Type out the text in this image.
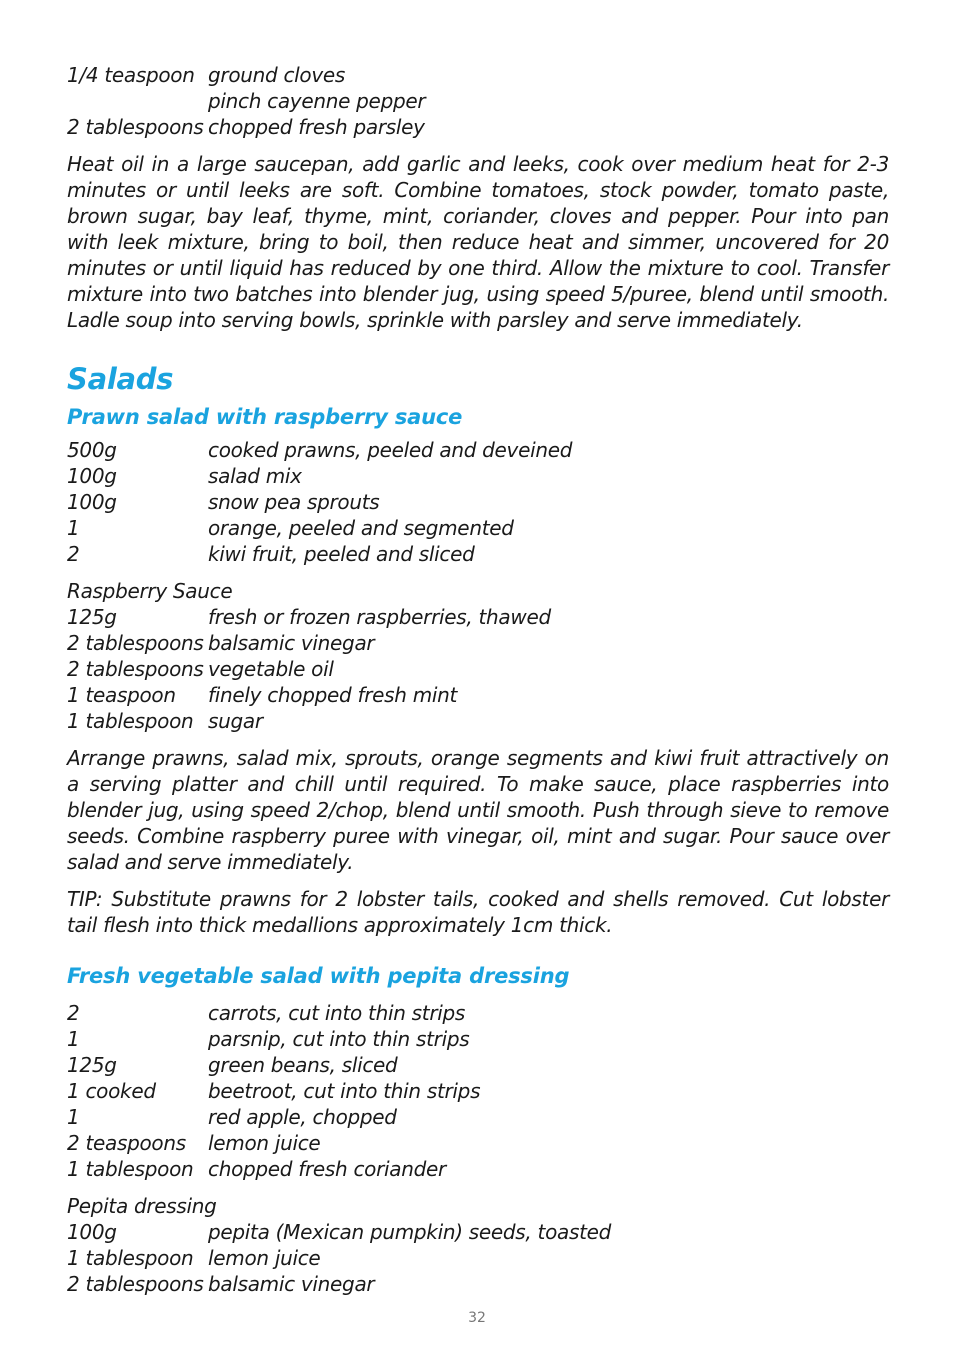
1/4 teaspoon ground cloves
pinch cayenne pepper
2 tablespoons chopped fresh parsley

Heat oil in a large saucepan, add garlic and leeks, cook over medium heat for 2-3 minutes or until leeks are soft. Combine tomatoes, stock powder, tomato paste, brown sugar, bay leaf, thyme, mint, coriander, cloves and pepper. Pour into pan with leek mixture, bring to boil, then reduce heat and simmer, uncovered for 20 minutes or until liquid has reduced by one third. Allow the mixture to cool. Transfer mixture into two batches into blender jug, using speed 5/puree, blend until smooth. Ladle soup into serving bowls, sprinkle with parsley and serve immediately.

Salads
Prawn salad with raspberry sauce
500g	cooked prawns, peeled and deveined
100g	salad mix
100g	snow pea sprouts
1	orange, peeled and segmented
2	kiwi fruit, peeled and sliced
Raspberry Sauce
125g	fresh or frozen raspberries, thawed
2 tablespoons balsamic vinegar
2 tablespoons vegetable oil
1 teaspoon	finely chopped fresh mint
1 tablespoon sugar

Arrange prawns, salad mix, sprouts, orange segments and kiwi fruit attractively on a serving platter and chill until required. To make sauce, place raspberries into blender jug, using speed 2/chop, blend until smooth. Push through sieve to remove seeds. Combine raspberry puree with vinegar, oil, mint and sugar. Pour sauce over salad and serve immediately.

TIP: Substitute prawns for 2 lobster tails, cooked and shells removed. Cut lobster tail flesh into thick medallions approximately 1cm thick.

Fresh vegetable salad with pepita dressing
2	carrots, cut into thin strips
1	parsnip, cut into thin strips
125g	green beans, sliced
1 cooked	beetroot, cut into thin strips
1	red apple, chopped
2 teaspoons	lemon juice
1 tablespoon chopped fresh coriander
Pepita dressing
100g	pepita (Mexican pumpkin) seeds, toasted
1 tablespoon lemon juice
2 tablespoons balsamic vinegar
32
